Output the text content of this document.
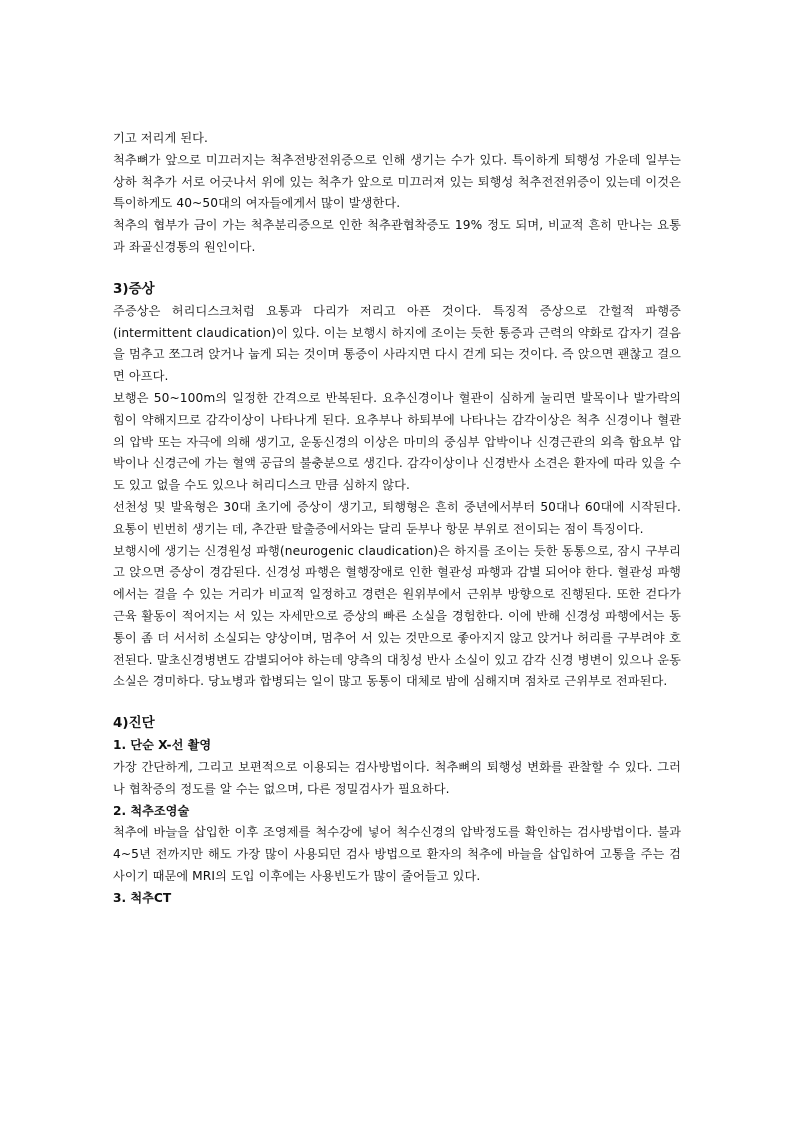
기고 저리게 된다.

척추뼈가 앞으로 미끄러지는 척추전방전위증으로 인해 생기는 수가 있다. 특이하게 퇴행성 가운데 일부는 상하 척추가 서로 어긋나서 위에 있는 척추가 앞으로 미끄러져 있는 퇴행성 척추전전위증이 있는데 이것은 특이하게도 40~50대의 여자들에게서 많이 발생한다.

척추의 협부가 금이 가는 척추분리증으로 인한 척추관협착증도 19% 정도 되며, 비교적 흔히 만나는 요통과 좌골신경통의 원인이다.

3)증상

주증상은 허리디스크처럼 요통과 다리가 저리고 아픈 것이다. 특징적 증상으로 간헐적 파행증(intermittent claudication)이 있다. 이는 보행시 하지에 조이는 듯한 통증과 근력의 약화로 갑자기 걸음을 멈추고 쪼그려 앉거나 눕게 되는 것이며 통증이 사라지면 다시 걷게 되는 것이다. 즉 앉으면 괜찮고 걸으면 아프다.

보행은 50~100m의 일정한 간격으로 반복된다. 요추신경이나 혈관이 심하게 눌리면 발목이나 발가락의 힘이 약해지므로 감각이상이 나타나게 된다. 요추부나 하퇴부에 나타나는 감각이상은 척추 신경이나 혈관의 압박 또는 자극에 의해 생기고, 운동신경의 이상은 마미의 중심부 압박이나 신경근관의 외측 함요부 압박이나 신경근에 가는 혈액 공급의 불충분으로 생긴다. 감각이상이나 신경반사 소견은 환자에 따라 있을 수도 있고 없을 수도 있으나 허리디스크 만큼 심하지 않다.

선천성 및 발육형은 30대 초기에 증상이 생기고, 퇴행형은 흔히 중년에서부터 50대나 60대에 시작된다. 요통이 빈번히 생기는 데, 추간판 탈출증에서와는 달리 둔부나 항문 부위로 전이되는 점이 특징이다.

보행시에 생기는 신경원성 파행(neurogenic claudication)은 하지를 조이는 듯한 동통으로, 잠시 구부리고 앉으면 증상이 경감된다. 신경성 파행은 혈행장애로 인한 혈관성 파행과 감별 되어야 한다. 혈관성 파행에서는 걸을 수 있는 거리가 비교적 일정하고 경련은 원위부에서 근위부 방향으로 진행된다. 또한 걷다가 근육 활동이 적어지는 서 있는 자세만으로 증상의 빠른 소실을 경험한다. 이에 반해 신경성 파행에서는 동통이 좀 더 서서히 소실되는 양상이며, 멈추어 서 있는 것만으로 좋아지지 않고 앉거나 허리를 구부려야 호전된다. 말초신경병변도 감별되어야 하는데 양측의 대칭성 반사 소실이 있고 감각 신경 병변이 있으나 운동 소실은 경미하다. 당뇨병과 합병되는 일이 많고 동통이 대체로 밤에 심해지며 점차로 근위부로 전파된다.

4)진단

1. 단순 X-선 촬영

가장 간단하게, 그리고 보편적으로 이용되는 검사방법이다. 척추뼈의 퇴행성 변화를 관찰할 수 있다. 그러나 협착증의 정도를 알 수는 없으며, 다른 정밀검사가 필요하다.

2. 척추조영술

척추에 바늘을 삽입한 이후 조영제를 척수강에 넣어 척수신경의 압박정도를 확인하는 검사방법이다. 불과 4~5년 전까지만 해도 가장 많이 사용되던 검사 방법으로 환자의 척추에 바늘을 삽입하여 고통을 주는 검사이기 때문에 MRI의 도입 이후에는 사용빈도가 많이 줄어들고 있다.

3. 척추CT
